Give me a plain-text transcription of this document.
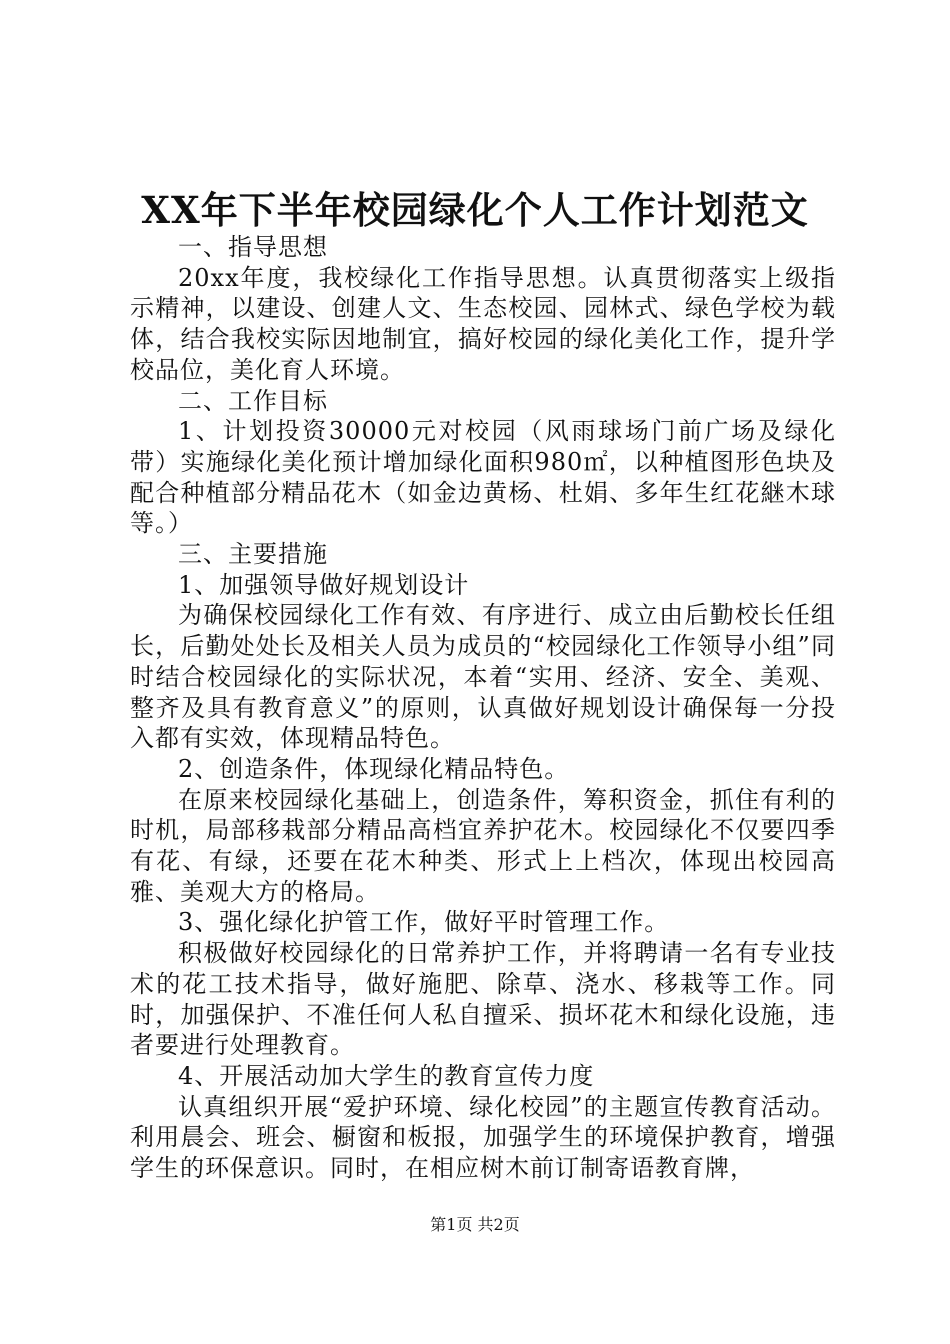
XX年下半年校园绿化个人工作计划范文

一、指导思想

20xx年度，我校绿化工作指导思想。认真贯彻落实上级指示精神，以建设、创建人文、生态校园、园林式、绿色学校为载体，结合我校实际因地制宜，搞好校园的绿化美化工作，提升学校品位，美化育人环境。

二、工作目标

1、计划投资30000元对校园（风雨球场门前广场及绿化带）实施绿化美化预计增加绿化面积980㎡，以种植图形色块及配合种植部分精品花木（如金边黄杨、杜娟、多年生红花継木球等。）

三、主要措施

1、加强领导做好规划设计

为确保校园绿化工作有效、有序进行、成立由后勤校长任组长，后勤处处长及相关人员为成员的“校园绿化工作领导小组”同时结合校园绿化的实际状况，本着“实用、经济、安全、美观、整齐及具有教育意义”的原则，认真做好规划设计确保每一分投入都有实效，体现精品特色。

2、创造条件，体现绿化精品特色。

在原来校园绿化基础上，创造条件，筹积资金，抓住有利的时机，局部移栽部分精品高档宜养护花木。校园绿化不仅要四季有花、有绿，还要在花木种类、形式上上档次，体现出校园高雅、美观大方的格局。

3、强化绿化护管工作，做好平时管理工作。

积极做好校园绿化的日常养护工作，并将聘请一名有专业技术的花工技术指导，做好施肥、除草、浇水、移栽等工作。同时，加强保护、不准任何人私自擅采、损坏花木和绿化设施，违者要进行处理教育。

4、开展活动加大学生的教育宣传力度

认真组织开展“爱护环境、绿化校园”的主题宣传教育活动。利用晨会、班会、橱窗和板报，加强学生的环境保护教育，增强学生的环保意识。同时，在相应树木前订制寄语教育牌，

第1页 共2页
